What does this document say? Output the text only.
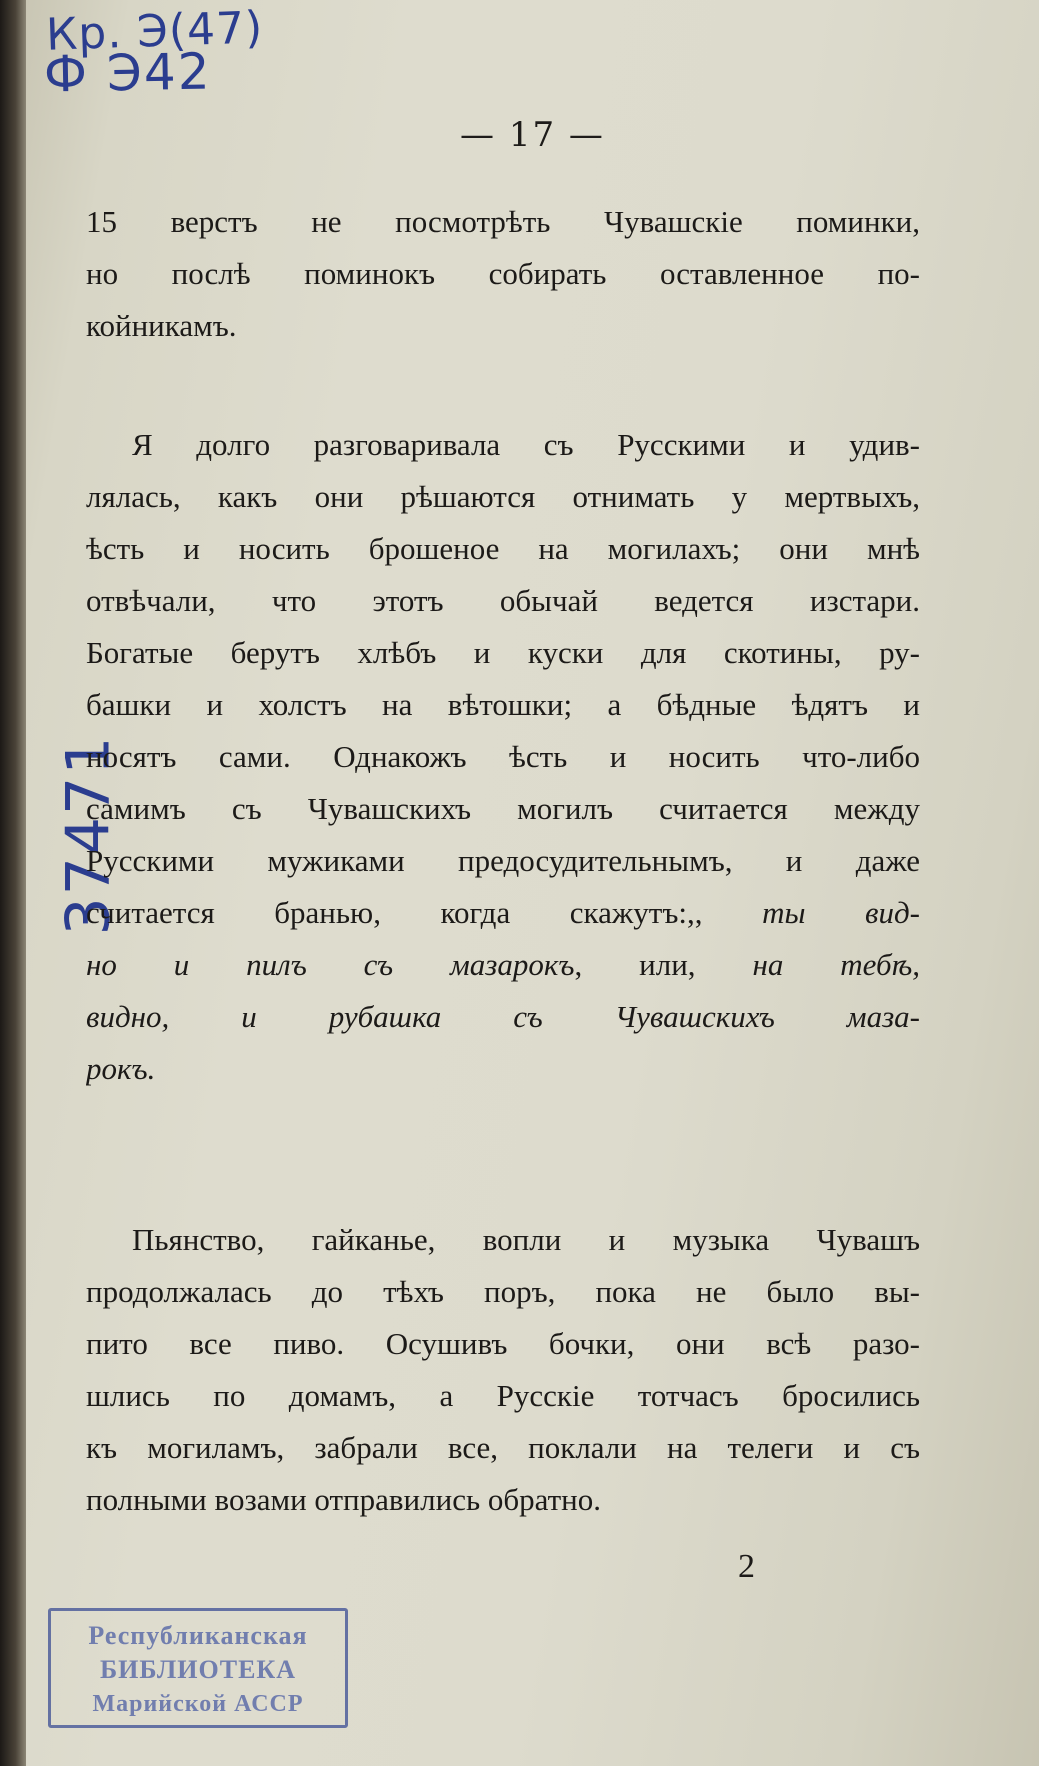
Кр. Э(47)
Ф Э42
37471
— 17 —
15 верстъ не посмотрѣть Чувашскiе поминки,
но послѣ поминокъ собирать оставленное по-
койникамъ.
Я долго разговаривала съ Русскими и удив-
лялась, какъ они рѣшаются отнимать у мертвыхъ,
ѣсть и носить брошеное на могилахъ; они мнѣ
отвѣчали, что этотъ обычай ведется изстари.
Богатые берутъ хлѣбъ и куски для скотины, ру-
башки и холстъ на вѣтошки; а бѣдные ѣдятъ и
носятъ сами. Однакожъ ѣсть и носить что-либо
самимъ съ Чувашскихъ могилъ считается между
Русскими мужиками предосудительнымъ, и даже
считается бранью, когда скажутъ:,, ты вид-
но и пилъ съ мазарокъ, или, на тебѣ,
видно, и рубашка съ Чувашскихъ маза-
рокъ.
Пьянство, гайканье, вопли и музыка Чувашъ
продолжалась до тѣхъ поръ, пока не было вы-
пито все пиво. Осушивъ бочки, они всѣ разо-
шлись по домамъ, а Русскiе тотчасъ бросились
къ могиламъ, забрали все, поклали на телеги и съ
полными возами отправились обратно.
2
Республиканская
БИБЛИОТЕКА
Марийской АССР
